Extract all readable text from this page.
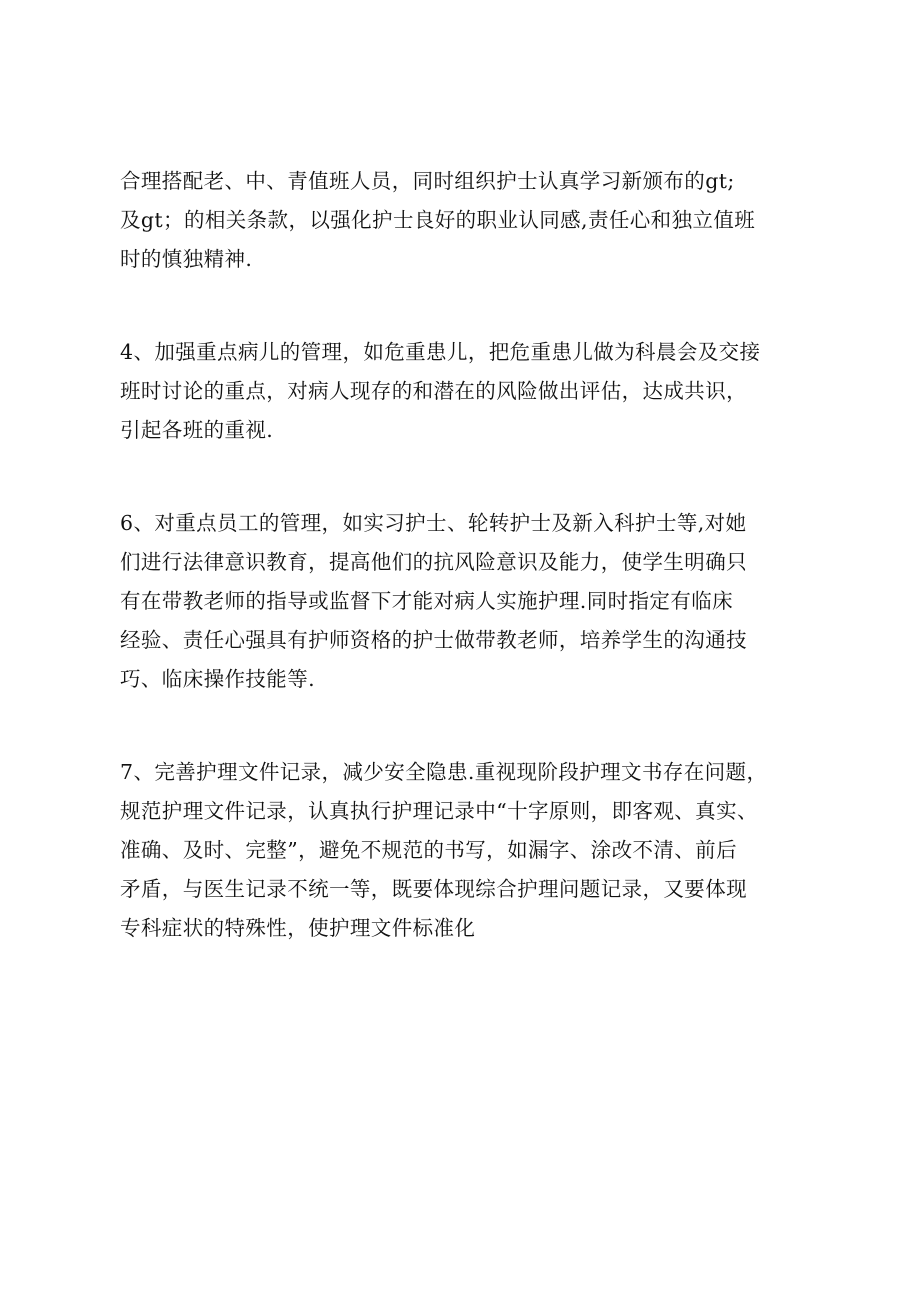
合理搭配老、中、青值班人员，同时组织护士认真学习新颁布的gt;
及gt；的相关条款，以强化护士良好的职业认同感,责任心和独立值班
时的慎独精神.

4、加强重点病儿的管理，如危重患儿，把危重患儿做为科晨会及交接
班时讨论的重点，对病人现存的和潜在的风险做出评估，达成共识，
引起各班的重视.

6、对重点员工的管理，如实习护士、轮转护士及新入科护士等,对她
们进行法律意识教育，提高他们的抗风险意识及能力，使学生明确只
有在带教老师的指导或监督下才能对病人实施护理.同时指定有临床
经验、责任心强具有护师资格的护士做带教老师，培养学生的沟通技
巧、临床操作技能等.

7、完善护理文件记录，减少安全隐患.重视现阶段护理文书存在问题，
规范护理文件记录，认真执行护理记录中“十字原则，即客观、真实、
准确、及时、完整”，避免不规范的书写，如漏字、涂改不清、前后
矛盾，与医生记录不统一等，既要体现综合护理问题记录，又要体现
专科症状的特殊性，使护理文件标准化
